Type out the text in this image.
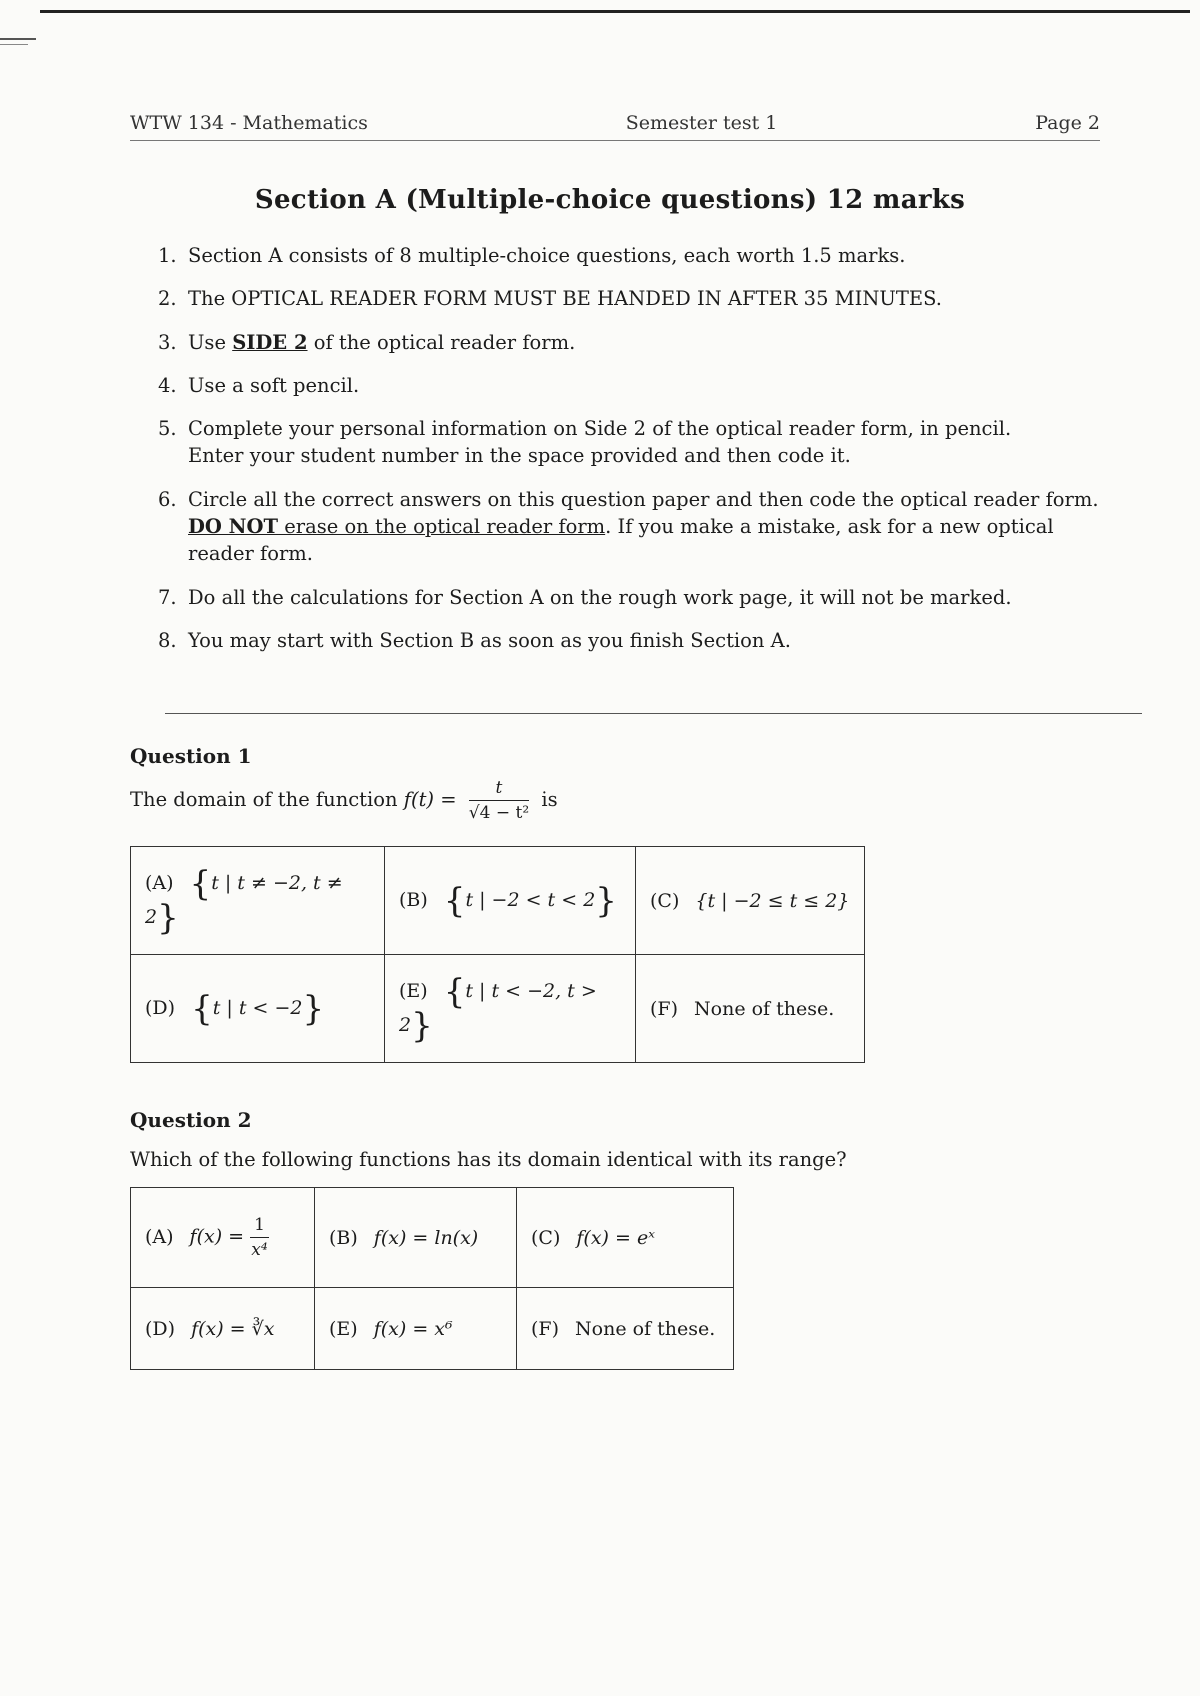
WTW 134 - Mathematics	Semester test 1	Page 2
Section A (Multiple-choice questions) 12 marks
1. Section A consists of 8 multiple-choice questions, each worth 1.5 marks.
2. The OPTICAL READER FORM MUST BE HANDED IN AFTER 35 MINUTES.
3. Use SIDE 2 of the optical reader form.
4. Use a soft pencil.
5. Complete your personal information on Side 2 of the optical reader form, in pencil.
Enter your student number in the space provided and then code it.
6. Circle all the correct answers on this question paper and then code the optical reader form. DO NOT erase on the optical reader form. If you make a mistake, ask for a new optical reader form.
7. Do all the calculations for Section A on the rough work page, it will not be marked.
8. You may start with Section B as soon as you finish Section A.
Question 1
The domain of the function $f(t) = \frac{t}{\text{√4 − t²}}$ is
(A) {t | t ≠ −2, t ≠ 2}	(B) {t | −2 < t < 2}	(C) {t | −2 ≤ t ≤ 2}
(D) {t | t < −2}	(E) {t | t < −2, t > 2}	(F) None of these.
Question 2
Which of the following functions has its domain identical with its range?
(A) $f(x) = \frac{1}{\text{x⁴}}$	(B) f(x) = ln(x)	(C) f(x) = eˣ
(D) f(x) = ∛x	(E) f(x) = x⁶	(F) None of these.
